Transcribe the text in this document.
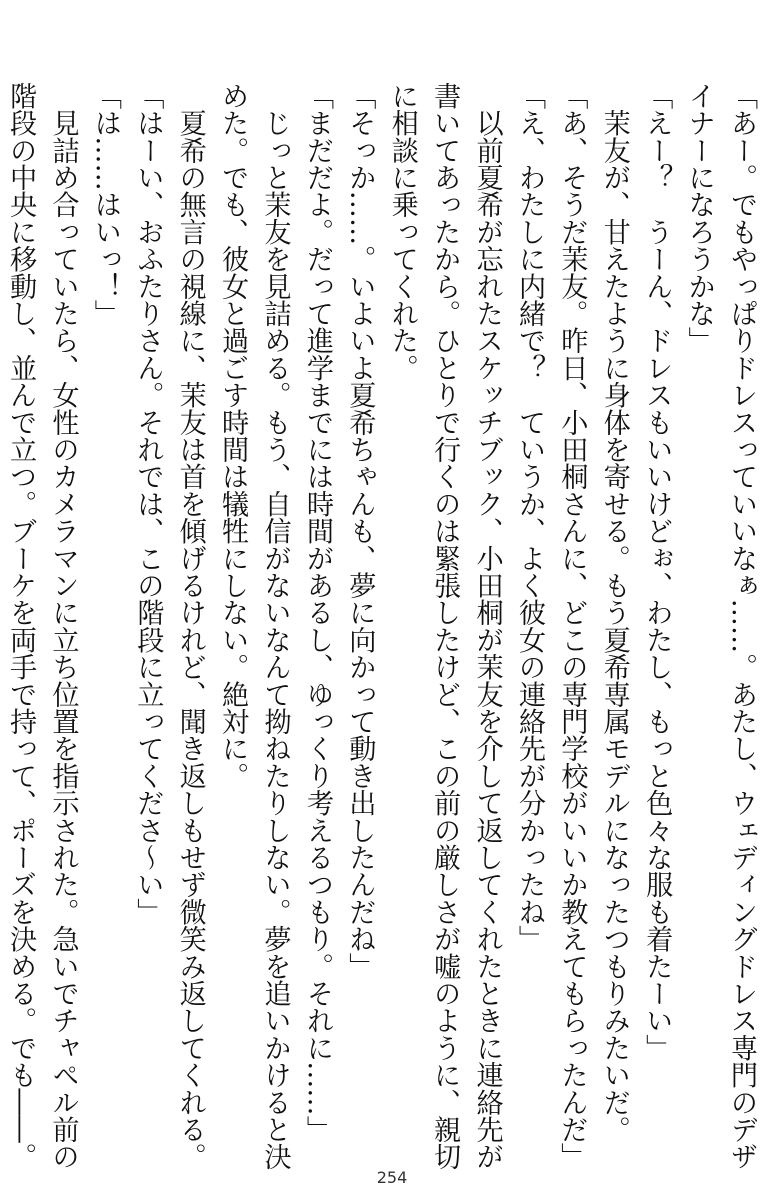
「あー。でもやっぱりドレスっていいなぁ……。あたし、ウェディングドレス専門のデザ
イナーになろうかな」
「えー？　うーん、ドレスもいいけどぉ、わたし、もっと色々な服も着たーい」
　茉友が、甘えたように身体を寄せる。もう夏希専属モデルになったつもりみたいだ。
「あ、そうだ茉友。昨日、小田桐さんに、どこの専門学校がいいか教えてもらったんだ」
「え、わたしに内緒で？　ていうか、よく彼女の連絡先が分かったね」
　以前夏希が忘れたスケッチブック、小田桐が茉友を介して返してくれたときに連絡先が
書いてあったから。ひとりで行くのは緊張したけど、この前の厳しさが嘘のように、親切
に相談に乗ってくれた。
「そっか……。いよいよ夏希ちゃんも、夢に向かって動き出したんだね」
「まだだよ。だって進学までには時間があるし、ゆっくり考えるつもり。それに……」
　じっと茉友を見詰める。もう、自信がないなんて拗ねたりしない。夢を追いかけると決
めた。でも、彼女と過ごす時間は犠牲にしない。絶対に。
　夏希の無言の視線に、茉友は首を傾げるけれど、聞き返しもせず微笑み返してくれる。
「はーい、おふたりさん。それでは、この階段に立ってくださ～い」
「は……はいっ！」
　見詰め合っていたら、女性のカメラマンに立ち位置を指示された。急いでチャペル前の
階段の中央に移動し、並んで立つ。ブーケを両手で持って、ポーズを決める。でも――。
254
